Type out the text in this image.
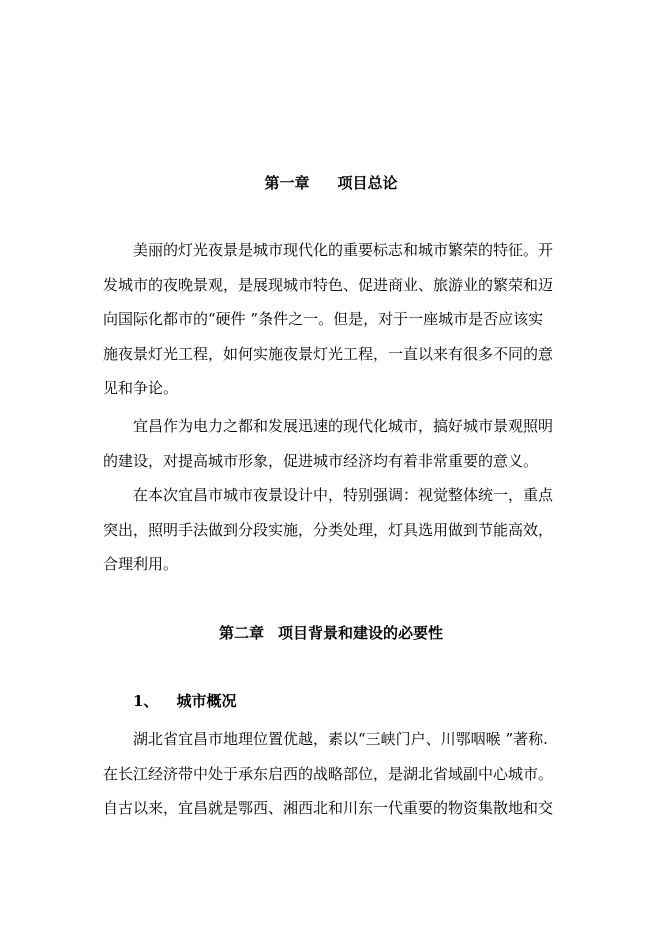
第一章 项目总论
美丽的灯光夜景是城市现代化的重要标志和城市繁荣的特征。开
发城市的夜晚景观，是展现城市特色、促进商业、旅游业的繁荣和迈
向国际化都市的“硬件 ”条件之一。但是，对于一座城市是否应该实
施夜景灯光工程，如何实施夜景灯光工程，一直以来有很多不同的意
见和争论。
宜昌作为电力之都和发展迅速的现代化城市，搞好城市景观照明
的建设，对提高城市形象，促进城市经济均有着非常重要的意义。
在本次宜昌市城市夜景设计中，特别强调：视觉整体统一，重点
突出，照明手法做到分段实施，分类处理，灯具选用做到节能高效，
合理利用。
第二章 项目背景和建设的必要性
1、 城市概况
湖北省宜昌市地理位置优越，素以“三峡门户、川鄂咽喉 ”著称.
在长江经济带中处于承东启西的战略部位，是湖北省域副中心城市。
自古以来，宜昌就是鄂西、湘西北和川东一代重要的物资集散地和交
